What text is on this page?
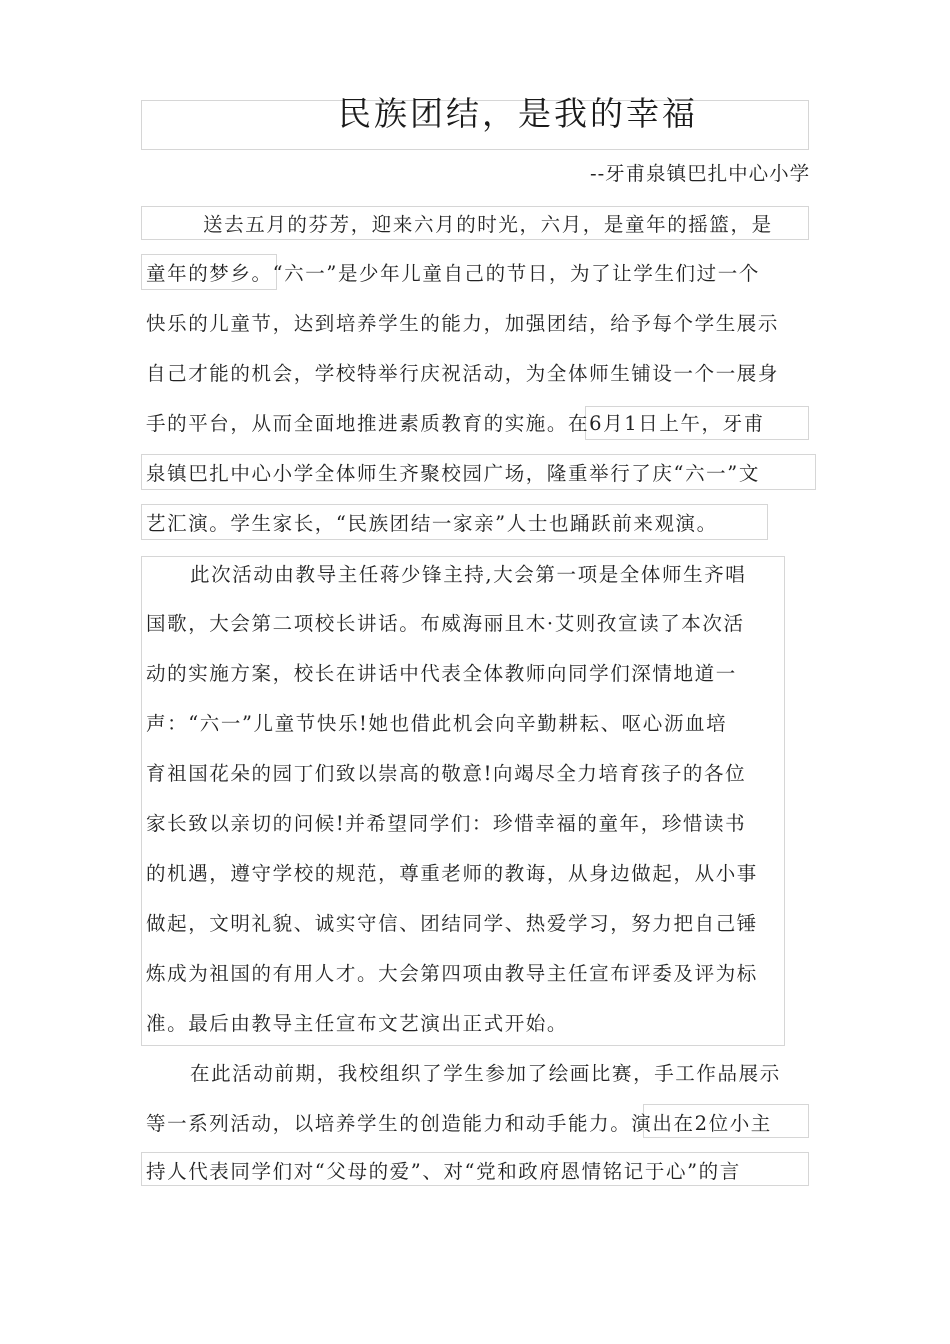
民族团结，是我的幸福
--牙甫泉镇巴扎中心小学
送去五月的芬芳，迎来六月的时光，六月，是童年的摇篮，是
童年的梦乡。“六一”是少年儿童自己的节日，为了让学生们过一个
快乐的儿童节，达到培养学生的能力，加强团结，给予每个学生展示
自己才能的机会，学校特举行庆祝活动，为全体师生铺设一个一展身
手的平台，从而全面地推进素质教育的实施。在6月1日上午，牙甫
泉镇巴扎中心小学全体师生齐聚校园广场，隆重举行了庆“六一”文
艺汇演。学生家长，“民族团结一家亲”人士也踊跃前来观演。
此次活动由教导主任蒋少锋主持,大会第一项是全体师生齐唱
国歌，大会第二项校长讲话。布威海丽且木·艾则孜宣读了本次活
动的实施方案，校长在讲话中代表全体教师向同学们深情地道一
声：“六一”儿童节快乐!她也借此机会向辛勤耕耘、呕心沥血培
育祖国花朵的园丁们致以崇高的敬意!向竭尽全力培育孩子的各位
家长致以亲切的问候!并希望同学们：珍惜幸福的童年，珍惜读书
的机遇，遵守学校的规范，尊重老师的教诲，从身边做起，从小事
做起，文明礼貌、诚实守信、团结同学、热爱学习，努力把自己锤
炼成为祖国的有用人才。大会第四项由教导主任宣布评委及评为标
准。最后由教导主任宣布文艺演出正式开始。
在此活动前期，我校组织了学生参加了绘画比赛，手工作品展示
等一系列活动，以培养学生的创造能力和动手能力。演出在2位小主
持人代表同学们对“父母的爱”、对“党和政府恩情铭记于心”的言
